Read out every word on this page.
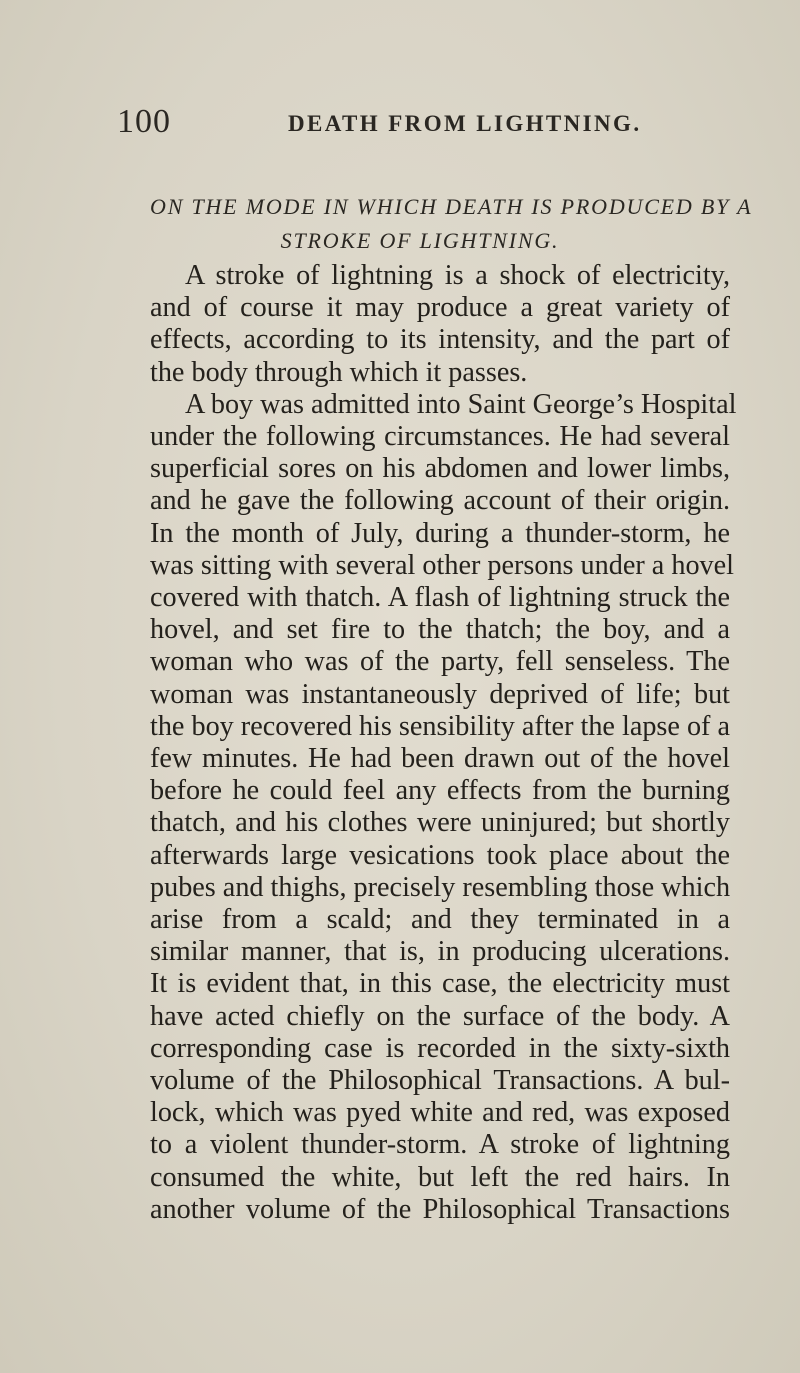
100	DEATH FROM LIGHTNING.
ON THE MODE IN WHICH DEATH IS PRODUCED BY A
STROKE OF LIGHTNING.
A stroke of lightning is a shock of electricity,
and of course it may produce a great variety of
effects, according to its intensity, and the part of
the body through which it passes.
A boy was admitted into Saint George’s Hospital
under the following circumstances. He had several
superficial sores on his abdomen and lower limbs,
and he gave the following account of their origin.
In the month of July, during a thunder-storm, he
was sitting with several other persons under a hovel
covered with thatch. A flash of lightning struck the
hovel, and set fire to the thatch; the boy, and a
woman who was of the party, fell senseless. The
woman was instantaneously deprived of life; but
the boy recovered his sensibility after the lapse of a
few minutes. He had been drawn out of the hovel
before he could feel any effects from the burning
thatch, and his clothes were uninjured; but shortly
afterwards large vesications took place about the
pubes and thighs, precisely resembling those which
arise from a scald; and they terminated in a
similar manner, that is, in producing ulcerations.
It is evident that, in this case, the electricity must
have acted chiefly on the surface of the body. A
corresponding case is recorded in the sixty-sixth
volume of the Philosophical Transactions. A bul-
lock, which was pyed white and red, was exposed
to a violent thunder-storm. A stroke of lightning
consumed the white, but left the red hairs. In
another volume of the Philosophical Transactions
